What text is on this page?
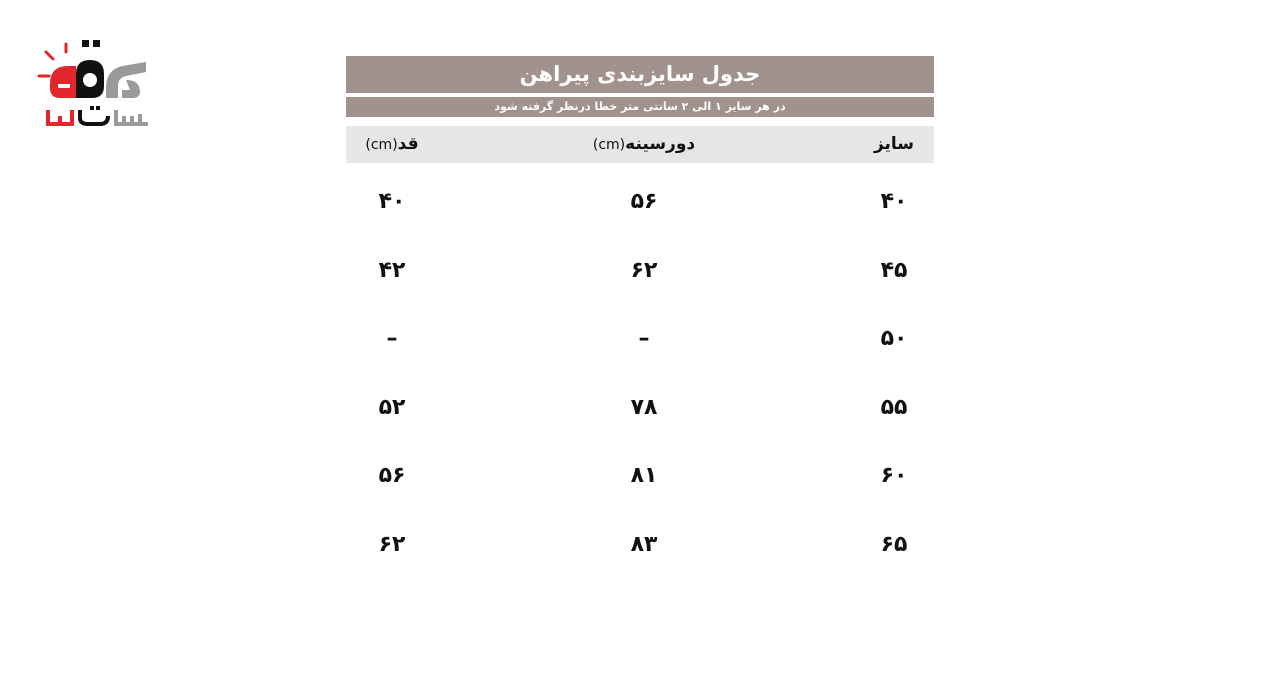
جدول سایزبندی پیراهن
در هر سایز ۱ الی ۲ سانتی متر خطا درنظر گرفته شود
سایز
دورسینه(cm)
قد(cm)
۴۰
۵۶
۴۰
۴۵
۶۲
۴۲
۵۰
–
–
۵۵
۷۸
۵۲
۶۰
۸۱
۵۶
۶۵
۸۳
۶۲
